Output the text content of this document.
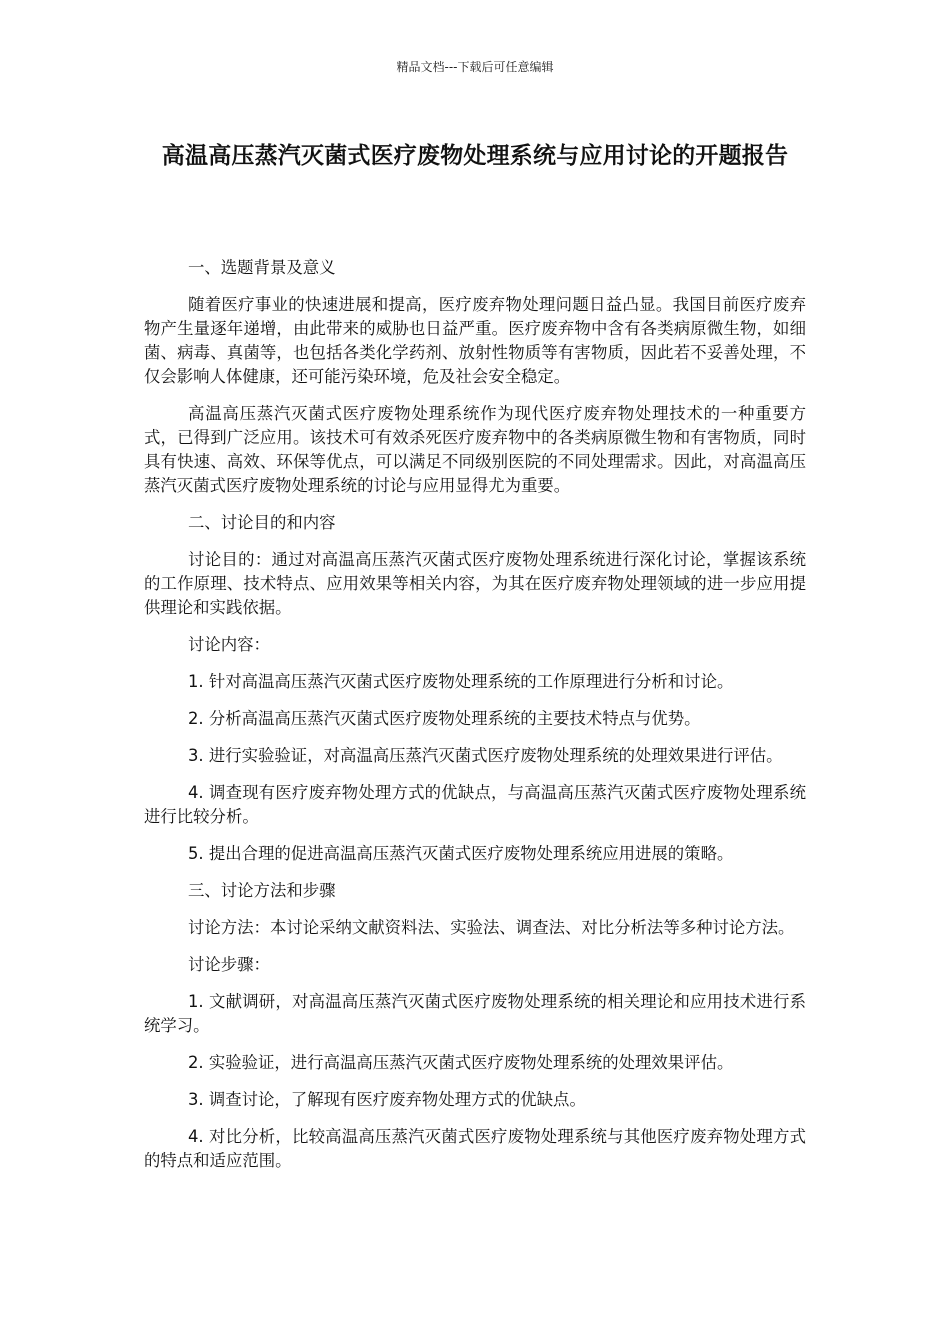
精品文档---下载后可任意编辑
高温高压蒸汽灭菌式医疗废物处理系统与应用讨论的开题报告

一、选题背景及意义

随着医疗事业的快速进展和提高，医疗废弃物处理问题日益凸显。我国目前医疗废弃物产生量逐年递增，由此带来的威胁也日益严重。医疗废弃物中含有各类病原微生物，如细菌、病毒、真菌等，也包括各类化学药剂、放射性物质等有害物质，因此若不妥善处理，不仅会影响人体健康，还可能污染环境，危及社会安全稳定。

高温高压蒸汽灭菌式医疗废物处理系统作为现代医疗废弃物处理技术的一种重要方式，已得到广泛应用。该技术可有效杀死医疗废弃物中的各类病原微生物和有害物质，同时具有快速、高效、环保等优点，可以满足不同级别医院的不同处理需求。因此，对高温高压蒸汽灭菌式医疗废物处理系统的讨论与应用显得尤为重要。

二、讨论目的和内容

讨论目的：通过对高温高压蒸汽灭菌式医疗废物处理系统进行深化讨论，掌握该系统的工作原理、技术特点、应用效果等相关内容，为其在医疗废弃物处理领域的进一步应用提供理论和实践依据。

讨论内容：

1. 针对高温高压蒸汽灭菌式医疗废物处理系统的工作原理进行分析和讨论。

2. 分析高温高压蒸汽灭菌式医疗废物处理系统的主要技术特点与优势。

3. 进行实验验证，对高温高压蒸汽灭菌式医疗废物处理系统的处理效果进行评估。

4. 调查现有医疗废弃物处理方式的优缺点，与高温高压蒸汽灭菌式医疗废物处理系统进行比较分析。

5. 提出合理的促进高温高压蒸汽灭菌式医疗废物处理系统应用进展的策略。

三、讨论方法和步骤

讨论方法：本讨论采纳文献资料法、实验法、调查法、对比分析法等多种讨论方法。

讨论步骤：

1. 文献调研，对高温高压蒸汽灭菌式医疗废物处理系统的相关理论和应用技术进行系统学习。

2. 实验验证，进行高温高压蒸汽灭菌式医疗废物处理系统的处理效果评估。

3. 调查讨论，了解现有医疗废弃物处理方式的优缺点。

4. 对比分析，比较高温高压蒸汽灭菌式医疗废物处理系统与其他医疗废弃物处理方式的特点和适应范围。
